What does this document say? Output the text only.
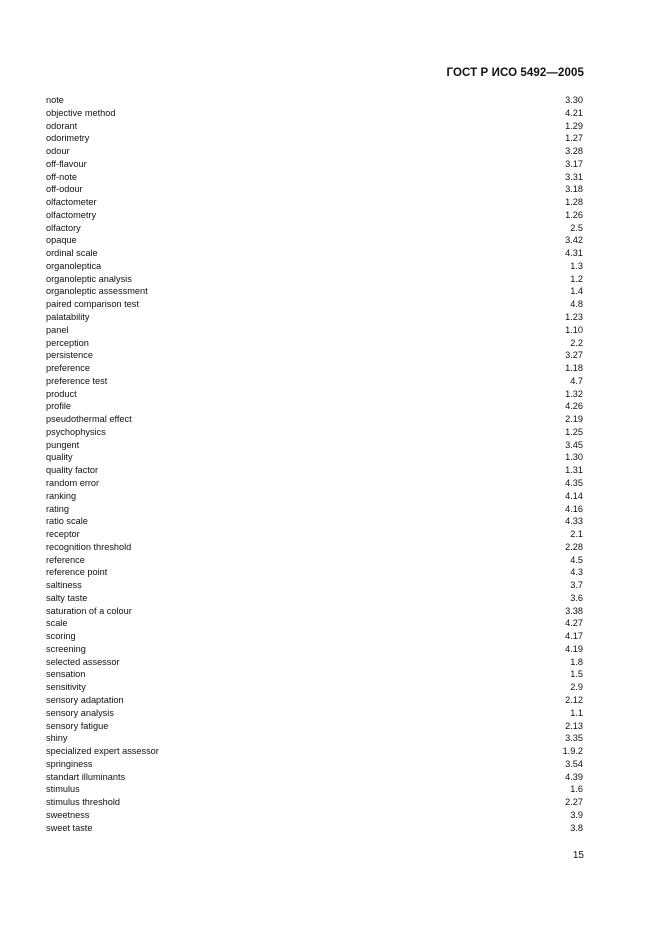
ГОСТ Р ИСО 5492—2005
note	3.30
objective method	4.21
odorant	1.29
odorimetry	1.27
odour	3.28
off-flavour	3.17
off-note	3.31
off-odour	3.18
olfactometer	1.28
olfactometry	1.26
olfactory	2.5
opaque	3.42
ordinal scale	4.31
organoleptica	1.3
organoleptic analysis	1.2
organoleptic assessment	1.4
paired comparison test	4.8
palatability	1.23
panel	1.10
perception	2.2
persistence	3.27
preference	1.18
preference test	4.7
product	1.32
profile	4.26
pseudothermal effect	2.19
psychophysics	1.25
pungent	3.45
quality	1.30
quality factor	1.31
random error	4.35
ranking	4.14
rating	4.16
ratio scale	4.33
receptor	2.1
recognition threshold	2.28
reference	4.5
reference point	4.3
saltiness	3.7
salty taste	3.6
saturation of a colour	3.38
scale	4.27
scoring	4.17
screening	4.19
selected assessor	1.8
sensation	1.5
sensitivity	2.9
sensory adaptation	2.12
sensory analysis	1.1
sensory fatigue	2.13
shiny	3.35
specialized expert assessor	1.9.2
springiness	3.54
standart illuminants	4.39
stimulus	1.6
stimulus threshold	2.27
sweetness	3.9
sweet taste	3.8
15
